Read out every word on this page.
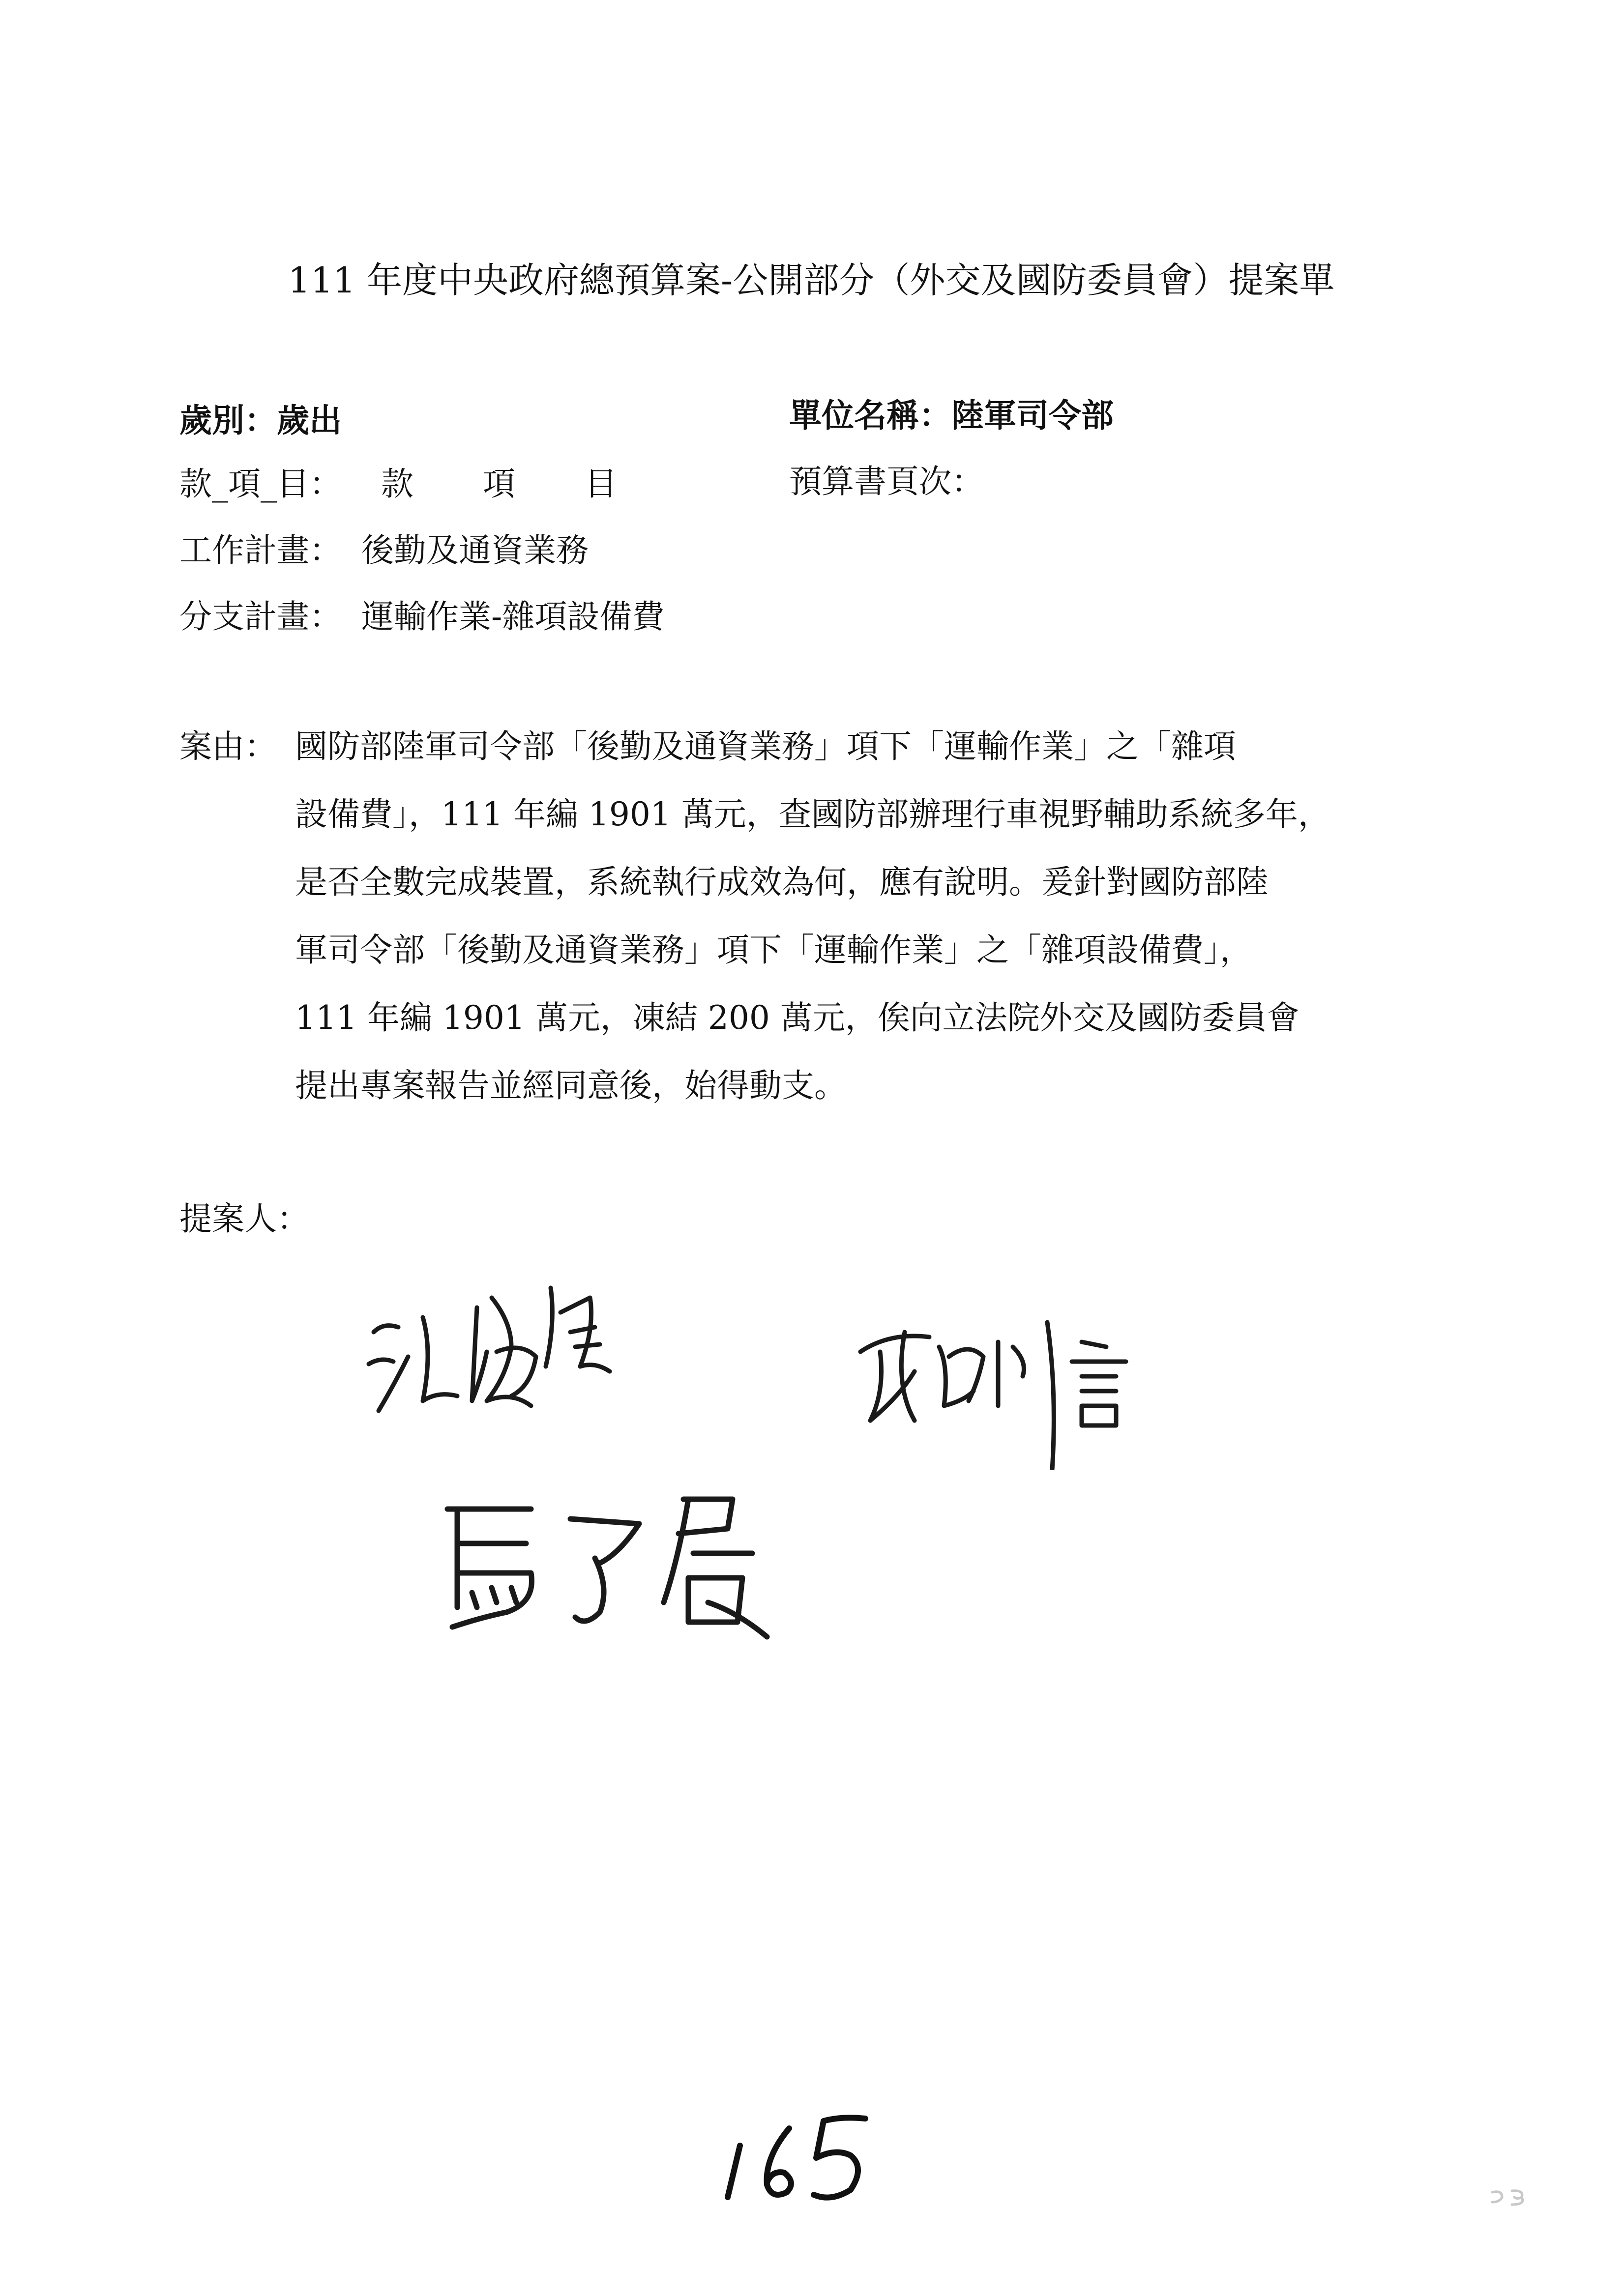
111 年度中央政府總預算案-公開部分（外交及國防委員會）提案單
歲別：歲出	單位名稱：陸軍司令部
款_項_目： 款 項 目	預算書頁次：
工作計畫： 後勤及通資業務
分支計畫： 運輸作業-雜項設備費
案由： 國防部陸軍司令部「後勤及通資業務」項下「運輸作業」之「雜項
設備費」，111 年編 1901 萬元，查國防部辦理行車視野輔助系統多年，
是否全數完成裝置，系統執行成效為何，應有說明。爰針對國防部陸
軍司令部「後勤及通資業務」項下「運輸作業」之「雜項設備費」，
111 年編 1901 萬元，凍結 200 萬元，俟向立法院外交及國防委員會
提出專案報告並經同意後，始得動支。
提案人：
